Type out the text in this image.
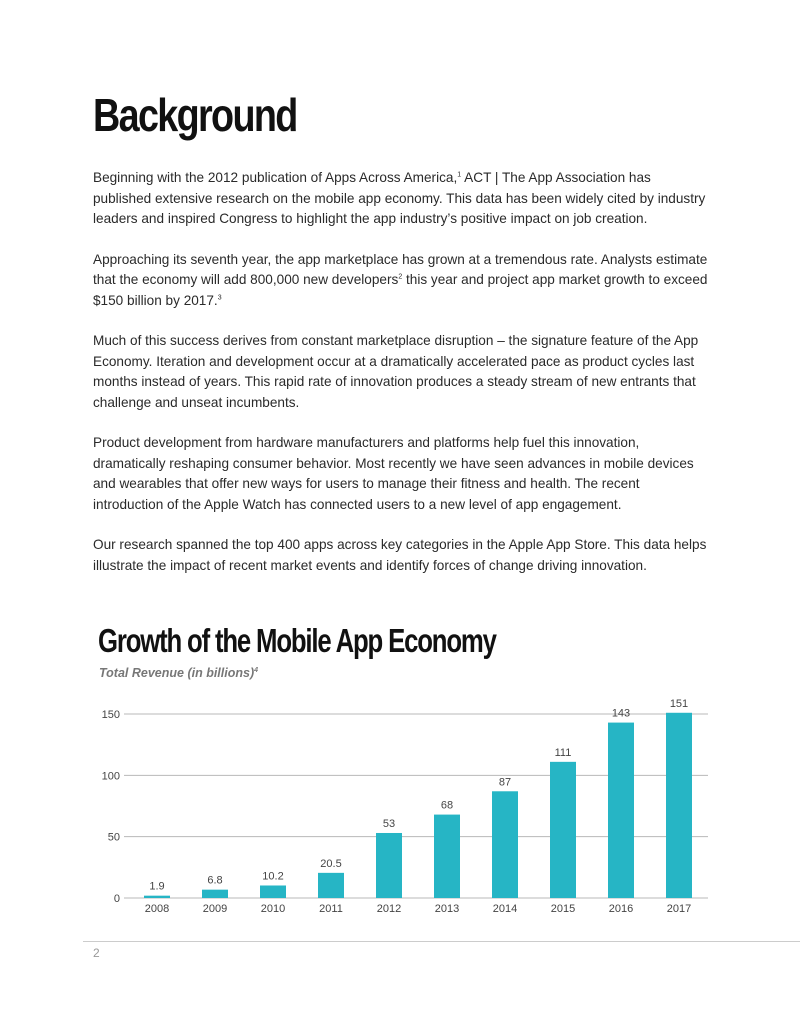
Background

Beginning with the 2012 publication of Apps Across America,$^1$ ACT | The App Association has published extensive research on the mobile app economy. This data has been widely cited by industry leaders and inspired Congress to highlight the app industry’s positive impact on job creation.

Approaching its seventh year, the app marketplace has grown at a tremendous rate. Analysts estimate that the economy will add 800,000 new developers$^2$ this year and project app market growth to exceed $150 billion by 2017.$^3$

Much of this success derives from constant marketplace disruption – the signature feature of the App Economy. Iteration and development occur at a dramatically accelerated pace as product cycles last months instead of years. This rapid rate of innovation produces a steady stream of new entrants that challenge and unseat incumbents.

Product development from hardware manufacturers and platforms help fuel this innovation, dramatically reshaping consumer behavior. Most recently we have seen advances in mobile devices and wearables that offer new ways for users to manage their fitness and health. The recent introduction of the Apple Watch has connected users to a new level of app engagement.

Our research spanned the top 400 apps across key categories in the Apple App Store. This data helps illustrate the impact of recent market events and identify forces of change driving innovation.

Growth of the Mobile App Economy
Total Revenue (in billions)$^4$
0
50
100
150
1.9
2008
6.8
2009
10.2
2010
20.5
2011
53
2012
68
2013
87
2014
111
2015
143
2016
151
2017
2
